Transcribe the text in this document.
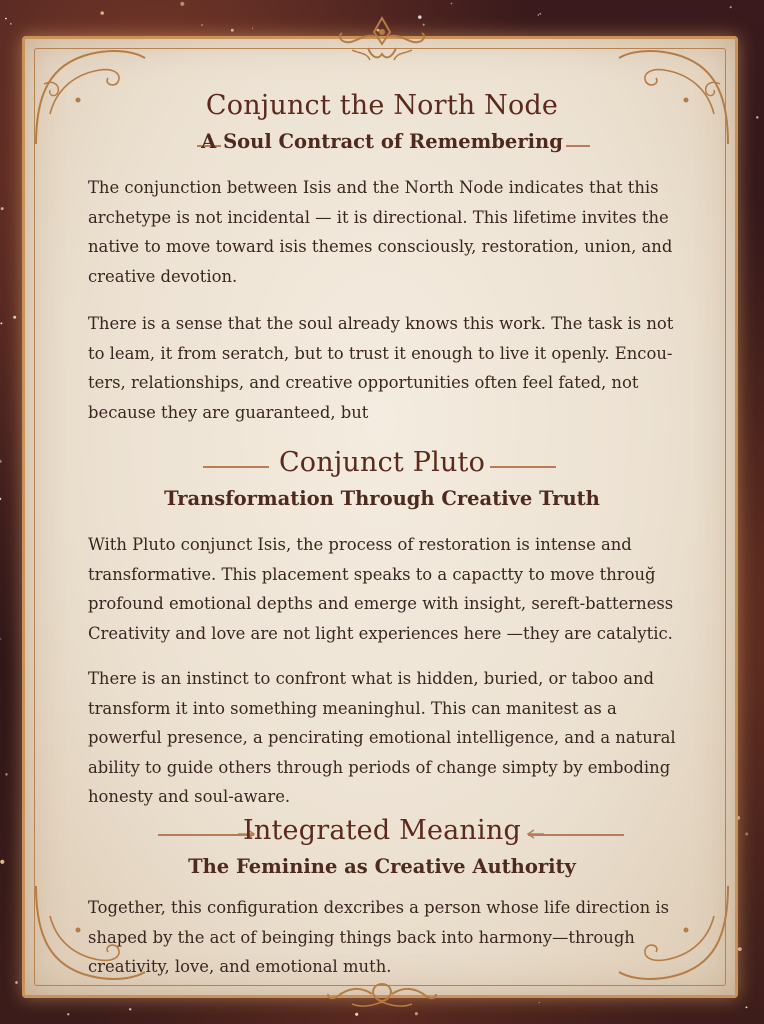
Conjunct the North Node
A Soul Contract of Remembering

The conjunction between Isis and the North Node indicates that this archetype is not incidental — it is directional. This lifetime invites the native to move toward isis themes consciously, restoration, union, and creative devotion.

There is a sense that the soul already knows this work. The task is not to leam, it from seratch, but to trust it enough to live it openly. Encou-ters, relationships, and creative opportunities often feel fated, not because they are guaranteed, but

Conjunct Pluto
Transformation Through Creative Truth

With Pluto conjunct Isis, the process of restoration is intense and transformative. This placement speaks to a capactty to move throuğ profound emotional depths and emerge with insight, sereft-batterness Creativity and love are not light experiences here —they are catalytic.

There is an instinct to confront what is hidden, buried, or taboo and transform it into something meaninghul. This can manitest as a powerful presence, a pencirating emotional intelligence, and a natural ability to guide others through periods of change simpty by emboding honesty and soul-aware.

Integrated Meaning
The Feminine as Creative Authority

Together, this configuration dexcribes a person whose life direction is shaped by the act of beinging things back into harmony—through creativity, love, and emotional muth.
